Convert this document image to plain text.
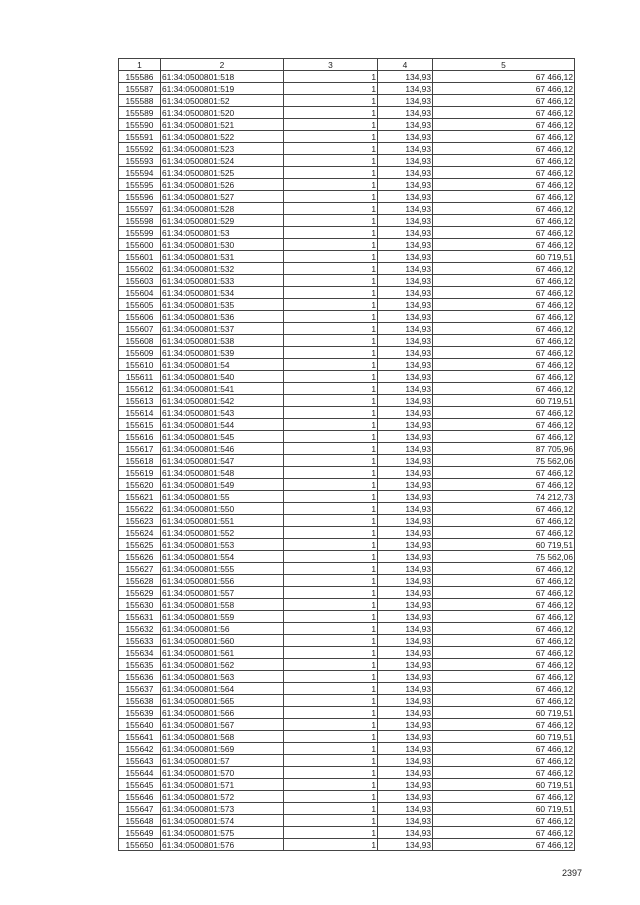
1	2	3	4	5
155586	61:34:0500801:518	1	134,93	67 466,12
155587	61:34:0500801:519	1	134,93	67 466,12
155588	61:34:0500801:52	1	134,93	67 466,12
155589	61:34:0500801:520	1	134,93	67 466,12
155590	61:34:0500801:521	1	134,93	67 466,12
155591	61:34:0500801:522	1	134,93	67 466,12
155592	61:34:0500801:523	1	134,93	67 466,12
155593	61:34:0500801:524	1	134,93	67 466,12
155594	61:34:0500801:525	1	134,93	67 466,12
155595	61:34:0500801:526	1	134,93	67 466,12
155596	61:34:0500801:527	1	134,93	67 466,12
155597	61:34:0500801:528	1	134,93	67 466,12
155598	61:34:0500801:529	1	134,93	67 466,12
155599	61:34:0500801:53	1	134,93	67 466,12
155600	61:34:0500801:530	1	134,93	67 466,12
155601	61:34:0500801:531	1	134,93	60 719,51
155602	61:34:0500801:532	1	134,93	67 466,12
155603	61:34:0500801:533	1	134,93	67 466,12
155604	61:34:0500801:534	1	134,93	67 466,12
155605	61:34:0500801:535	1	134,93	67 466,12
155606	61:34:0500801:536	1	134,93	67 466,12
155607	61:34:0500801:537	1	134,93	67 466,12
155608	61:34:0500801:538	1	134,93	67 466,12
155609	61:34:0500801:539	1	134,93	67 466,12
155610	61:34:0500801:54	1	134,93	67 466,12
155611	61:34:0500801:540	1	134,93	67 466,12
155612	61:34:0500801:541	1	134,93	67 466,12
155613	61:34:0500801:542	1	134,93	60 719,51
155614	61:34:0500801:543	1	134,93	67 466,12
155615	61:34:0500801:544	1	134,93	67 466,12
155616	61:34:0500801:545	1	134,93	67 466,12
155617	61:34:0500801:546	1	134,93	87 705,96
155618	61:34:0500801:547	1	134,93	75 562,06
155619	61:34:0500801:548	1	134,93	67 466,12
155620	61:34:0500801:549	1	134,93	67 466,12
155621	61:34:0500801:55	1	134,93	74 212,73
155622	61:34:0500801:550	1	134,93	67 466,12
155623	61:34:0500801:551	1	134,93	67 466,12
155624	61:34:0500801:552	1	134,93	67 466,12
155625	61:34:0500801:553	1	134,93	60 719,51
155626	61:34:0500801:554	1	134,93	75 562,06
155627	61:34:0500801:555	1	134,93	67 466,12
155628	61:34:0500801:556	1	134,93	67 466,12
155629	61:34:0500801:557	1	134,93	67 466,12
155630	61:34:0500801:558	1	134,93	67 466,12
155631	61:34:0500801:559	1	134,93	67 466,12
155632	61:34:0500801:56	1	134,93	67 466,12
155633	61:34:0500801:560	1	134,93	67 466,12
155634	61:34:0500801:561	1	134,93	67 466,12
155635	61:34:0500801:562	1	134,93	67 466,12
155636	61:34:0500801:563	1	134,93	67 466,12
155637	61:34:0500801:564	1	134,93	67 466,12
155638	61:34:0500801:565	1	134,93	67 466,12
155639	61:34:0500801:566	1	134,93	60 719,51
155640	61:34:0500801:567	1	134,93	67 466,12
155641	61:34:0500801:568	1	134,93	60 719,51
155642	61:34:0500801:569	1	134,93	67 466,12
155643	61:34:0500801:57	1	134,93	67 466,12
155644	61:34:0500801:570	1	134,93	67 466,12
155645	61:34:0500801:571	1	134,93	60 719,51
155646	61:34:0500801:572	1	134,93	67 466,12
155647	61:34:0500801:573	1	134,93	60 719,51
155648	61:34:0500801:574	1	134,93	67 466,12
155649	61:34:0500801:575	1	134,93	67 466,12
155650	61:34:0500801:576	1	134,93	67 466,12
2397
